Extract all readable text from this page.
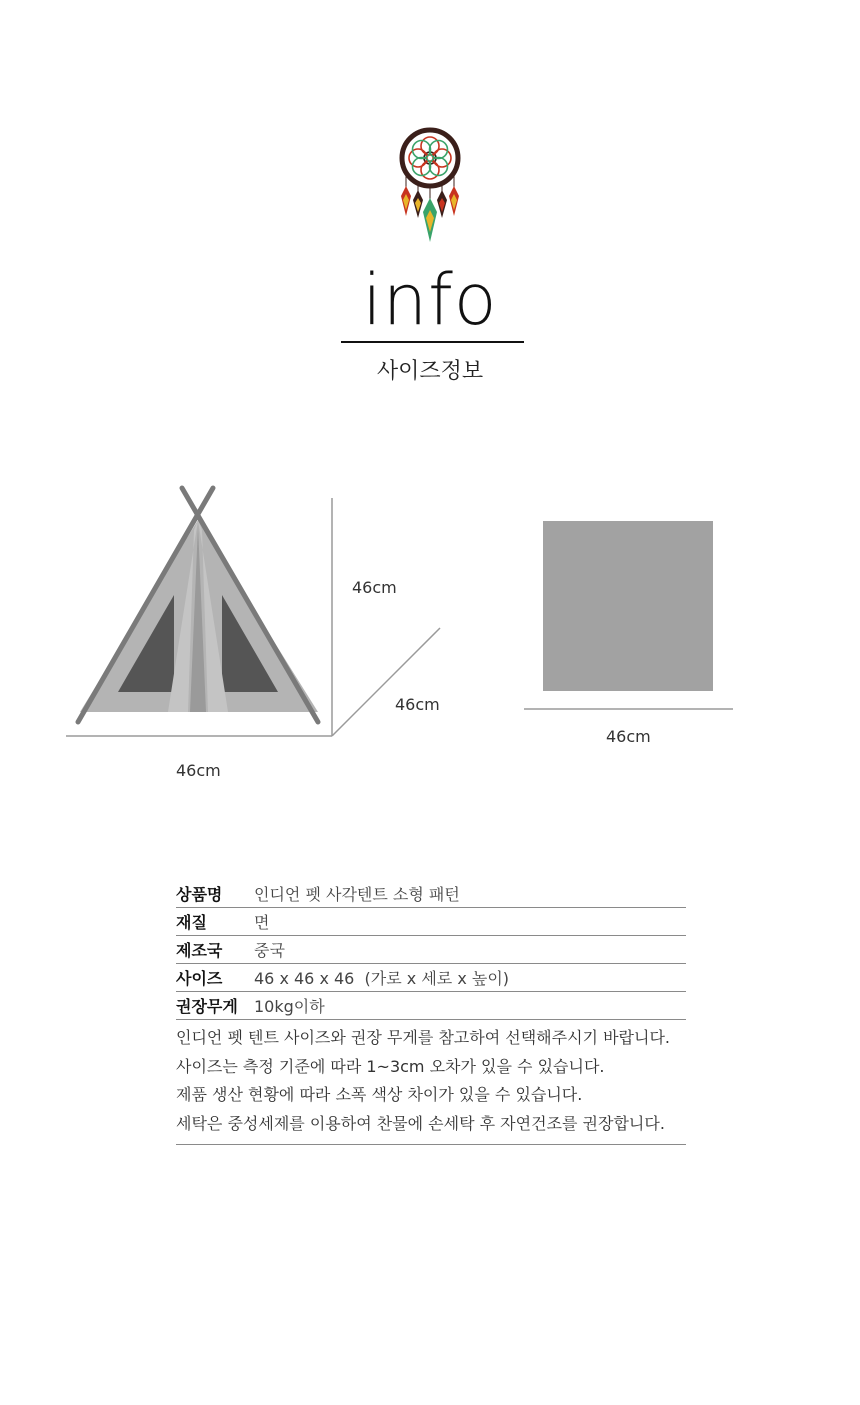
info
사이즈정보
46cm
46cm
46cm
46cm
상품명	인디언 펫 사각텐트 소형 패턴
재질	면
제조국	중국
사이즈	46 x 46 x 46  (가로 x 세로 x 높이)
권장무게	10kg이하

인디언 펫 텐트 사이즈와 권장 무게를 참고하여 선택해주시기 바랍니다.

사이즈는 측정 기준에 따라 1~3cm 오차가 있을 수 있습니다.

제품 생산 현황에 따라 소폭 색상 차이가 있을 수 있습니다.

세탁은 중성세제를 이용하여 찬물에 손세탁 후 자연건조를 권장합니다.
